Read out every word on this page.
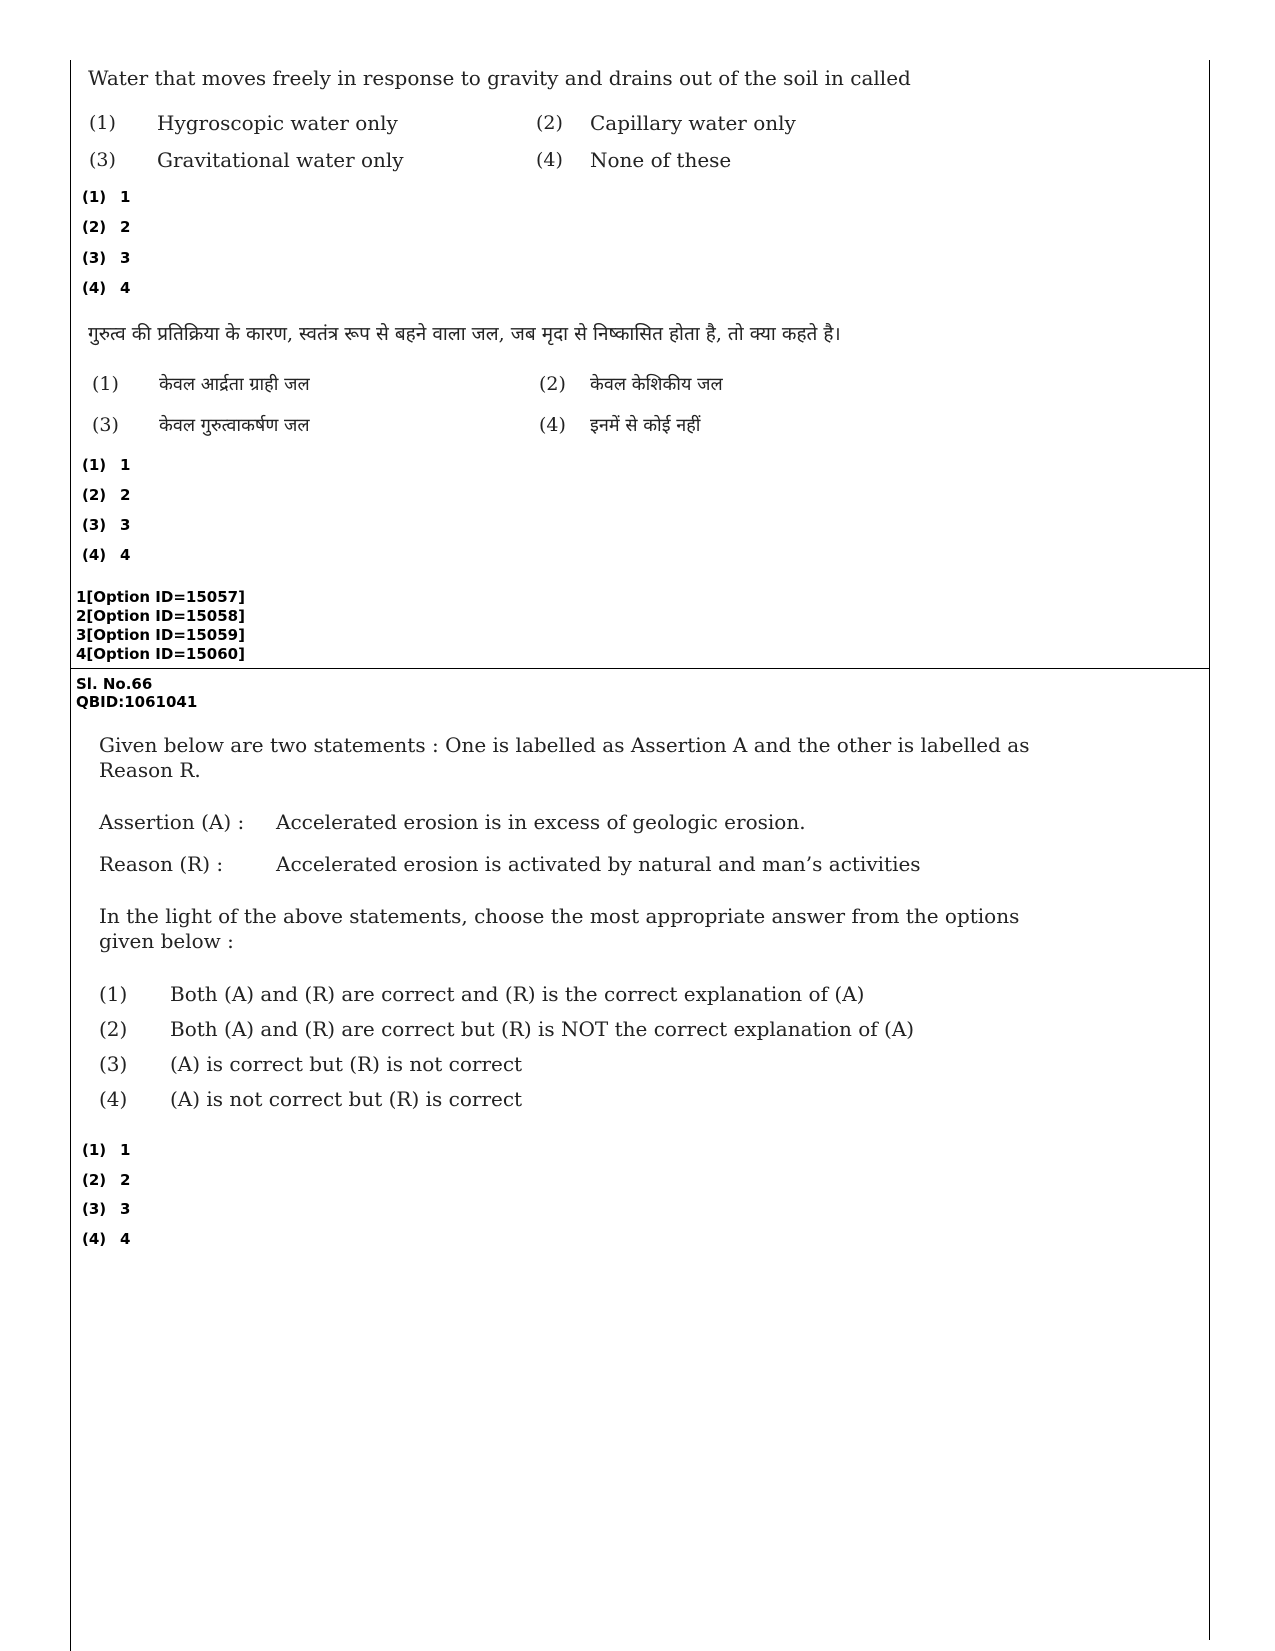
Water that moves freely in response to gravity and drains out of the soil in called
(1) Hygroscopic water only	(2) Capillary water only
(3) Gravitational water only	(4) None of these
(1) 1
(2) 2
(3) 3
(4) 4
गुरुत्व की प्रतिक्रिया के कारण, स्वतंत्र रूप से बहने वाला जल, जब मृदा से निष्कासित होता है, तो क्या कहते है।
(1) केवल आर्द्रता ग्राही जल	(2) केवल केशिकीय जल
(3) केवल गुरुत्वाकर्षण जल	(4) इनमें से कोई नहीं
(1) 1
(2) 2
(3) 3
(4) 4
1[Option ID=15057]
2[Option ID=15058]
3[Option ID=15059]
4[Option ID=15060]
Sl. No.66
QBID:1061041
Given below are two statements : One is labelled as Assertion A and the other is labelled as
Reason R.
Assertion (A) : Accelerated erosion is in excess of geologic erosion.
Reason (R) :	Accelerated erosion is activated by natural and man’s activities
In the light of the above statements, choose the most appropriate answer from the options
given below :
(1) Both (A) and (R) are correct and (R) is the correct explanation of (A)
(2) Both (A) and (R) are correct but (R) is NOT the correct explanation of (A)
(3) (A) is correct but (R) is not correct
(4) (A) is not correct but (R) is correct
(1) 1
(2) 2
(3) 3
(4) 4
